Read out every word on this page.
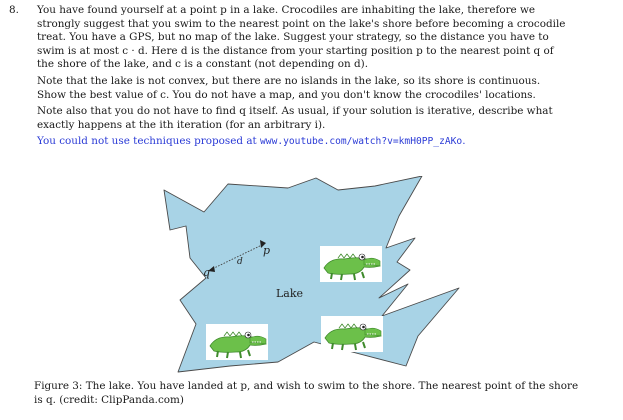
8.	You have found yourself at a point p in a lake. Crocodiles are inhabiting the lake, therefore we
strongly suggest that you swim to the nearest point on the lake's shore before becoming a crocodile
treat. You have a GPS, but no map of the lake. Suggest your strategy, so the distance you have to
swim is at most c · d. Here d is the distance from your starting position p to the nearest point q of
the shore of the lake, and c is a constant (not depending on d).
Note that the lake is not convex, but there are no islands in the lake, so its shore is continuous.
Show the best value of c. You do not have a map, and you don't know the crocodiles' locations.
Note also that you do not have to find q itself. As usual, if your solution is iterative, describe what
exactly happens at the ith iteration (for an arbitrary i).
You could not use techniques proposed at www.youtube.com/watch?v=kmH0PP_zAKo.
p
q
d
Lake
Figure 3: The lake. You have landed at p, and wish to swim to the shore. The nearest point of the shore
is q. (credit: ClipPanda.com)
